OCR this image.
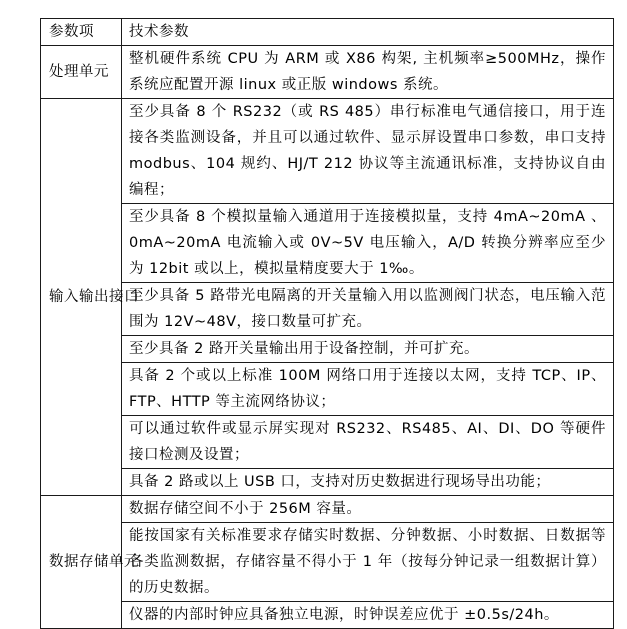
参数项	技术参数
处理单元	整机硬件系统 CPU 为 ARM 或 X86 构架, 主机频率≥500MHz，操作系统应配置开源 linux 或正版 windows 系统。
输入输出接口	至少具备 8 个 RS232（或 RS 485）串行标准电气通信接口，用于连接各类监测设备，并且可以通过软件、显示屏设置串口参数，串口支持 modbus、104 规约、HJ/T 212 协议等主流通讯标准，支持协议自由编程；
	至少具备 8 个模拟量输入通道用于连接模拟量，支持 4mA~20mA 、0mA~20mA 电流输入或 0V~5V 电压输入，A/D 转换分辨率应至少为 12bit 或以上，模拟量精度要大于 1‰。
	至少具备 5 路带光电隔离的开关量输入用以监测阀门状态，电压输入范围为 12V~48V，接口数量可扩充。
	至少具备 2 路开关量输出用于设备控制，并可扩充。
	具备 2 个或以上标准 100M 网络口用于连接以太网，支持 TCP、IP、FTP、HTTP 等主流网络协议；
	可以通过软件或显示屏实现对 RS232、RS485、AI、DI、DO 等硬件接口检测及设置；
	具备 2 路或以上 USB 口，支持对历史数据进行现场导出功能；
数据存储单元	数据存储空间不小于 256M 容量。
	能按国家有关标准要求存储实时数据、分钟数据、小时数据、日数据等各类监测数据，存储容量不得小于 1 年（按每分钟记录一组数据计算）的历史数据。
	仪器的内部时钟应具备独立电源，时钟误差应优于 ±0.5s/24h。
